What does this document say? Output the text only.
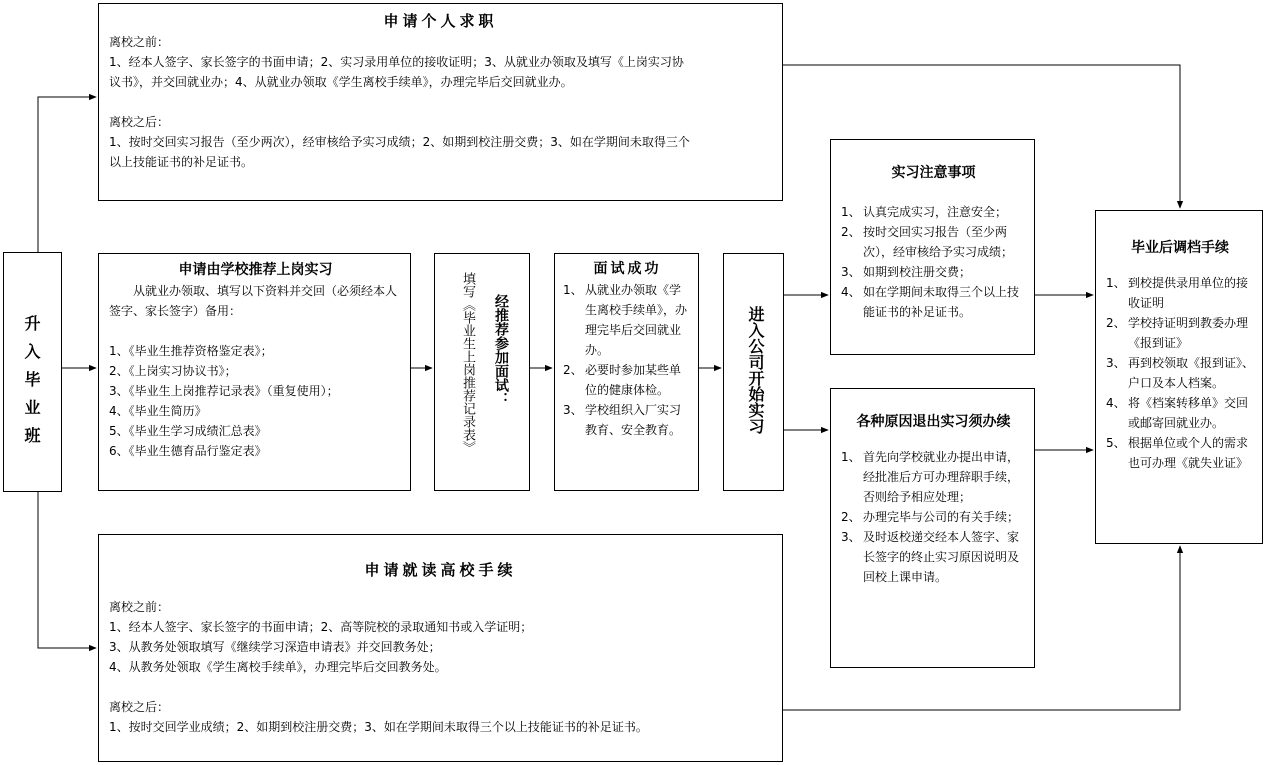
升入毕业班
申请个人求职
离校之前：
1、经本人签字、家长签字的书面申请；2、实习录用单位的接收证明；3、从就业办领取及填写《上岗实习协
议书》，并交回就业办；4、从就业办领取《学生离校手续单》，办理完毕后交回就业办。
离校之后：
1、按时交回实习报告（至少两次），经审核给予实习成绩；2、如期到校注册交费；3、如在学期间未取得三个
以上技能证书的补足证书。
申请由学校推荐上岗实习
从就业办领取、填写以下资料并交回（必须经本人签字、家长签字）备用：
1、《毕业生推荐资格鉴定表》；
2、《上岗实习协议书》；
3、《毕业生上岗推荐记录表》（重复使用）；
4、《毕业生简历》
5、《毕业生学习成绩汇总表》
6、《毕业生德育品行鉴定表》	填写《毕业生上岗推荐记录表》 经推荐参加面试：
面试成功
1、 从就业办领取《学生离校手续单》，办理完毕后交回就业办。
2、 必要时参加某些单位的健康体检。
3、 学校组织入厂实习教育、安全教育。	进入公司开始实习
实习注意事项
1、 认真完成实习，注意安全；
2、 按时交回实习报告（至少两次），经审核给予实习成绩；
3、 如期到校注册交费；
4、 如在学期间未取得三个以上技能证书的补足证书。
各种原因退出实习须办续
1、 首先向学校就业办提出申请，经批准后方可办理辞职手续，否则给予相应处理；
2、 办理完毕与公司的有关手续；
3、 及时返校递交经本人签字、家长签字的终止实习原因说明及回校上课申请。
毕业后调档手续
1、 到校提供录用单位的接收证明
2、 学校持证明到教委办理《报到证》
3、 再到校领取《报到证》、户口及本人档案。
4、 将《档案转移单》交回或邮寄回就业办。
5、 根据单位或个人的需求也可办理《就失业证》
申请就读高校手续
离校之前：
1、经本人签字、家长签字的书面申请；2、高等院校的录取通知书或入学证明；
3、从教务处领取填写《继续学习深造申请表》并交回教务处；
4、从教务处领取《学生离校手续单》，办理完毕后交回教务处。
离校之后：
1、按时交回学业成绩；2、如期到校注册交费；3、如在学期间未取得三个以上技能证书的补足证书。
